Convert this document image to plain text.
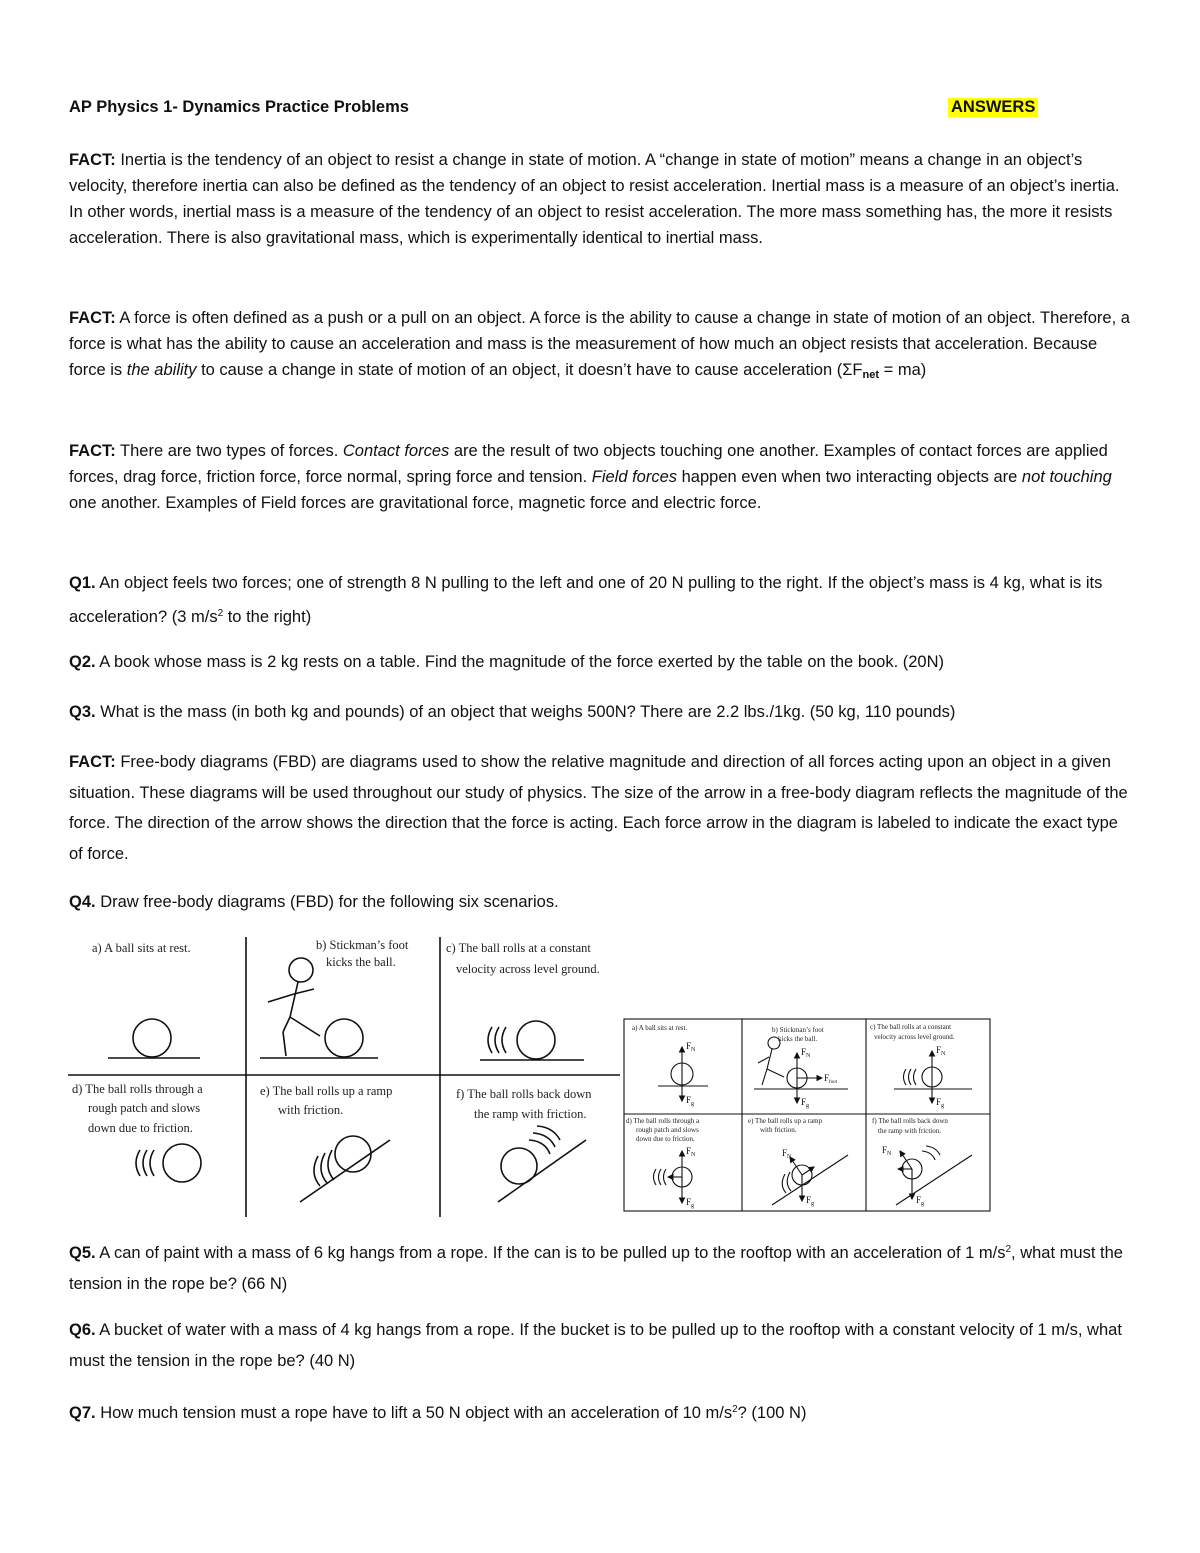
AP Physics 1- Dynamics Practice Problems	ANSWERS

FACT: Inertia is the tendency of an object to resist a change in state of motion. A “change in state of motion” means a change in an object’s velocity, therefore inertia can also be defined as the tendency of an object to resist acceleration. Inertial mass is a measure of an object’s inertia. In other words, inertial mass is a measure of the tendency of an object to resist acceleration. The more mass something has, the more it resists acceleration. There is also gravitational mass, which is experimentally identical to inertial mass.

FACT: A force is often defined as a push or a pull on an object. A force is the ability to cause a change in state of motion of an object. Therefore, a force is what has the ability to cause an acceleration and mass is the measurement of how much an object resists that acceleration. Because force is the ability to cause a change in state of motion of an object, it doesn’t have to cause acceleration $(\Sigma F_{net} = ma)$

FACT: There are two types of forces. Contact forces are the result of two objects touching one another. Examples of contact forces are applied forces, drag force, friction force, force normal, spring force and tension. Field forces happen even when two interacting objects are not touching one another. Examples of Field forces are gravitational force, magnetic force and electric force.

Q1. An object feels two forces; one of strength 8 N pulling to the left and one of 20 N pulling to the right. If the object’s mass is 4 kg, what is its acceleration? (3 $m/s^2$ to the right)

Q2. A book whose mass is 2 kg rests on a table. Find the magnitude of the force exerted by the table on the book. (20N)

Q3. What is the mass (in both kg and pounds) of an object that weighs 500N? There are 2.2 lbs./1kg. (50 kg, 110 pounds)

FACT: Free-body diagrams (FBD) are diagrams used to show the relative magnitude and direction of all forces acting upon an object in a given situation. These diagrams will be used throughout our study of physics. The size of the arrow in a free-body diagram reflects the magnitude of the force. The direction of the arrow shows the direction that the force is acting. Each force arrow in the diagram is labeled to indicate the exact type of force.

Q4. Draw free-body diagrams (FBD) for the following six scenarios.

a) A ball sits at rest.	b) Stickman’s foot
kicks the ball.
c) The ball rolls at a constant
velocity across level ground.
d) The ball rolls through a
rough patch and slows
down due to friction.
e) The ball rolls up a ramp
with friction.
f) The ball rolls back down
the ramp with friction.
a) A ball sits at rest.	b) Stickman’s foot
kicks the ball.
c) The ball rolls at a constant
velocity across level ground.
d) The ball rolls through a
rough patch and slows
down due to friction.
e) The ball rolls up a ramp
with friction.
f) The ball rolls back down
the ramp with friction.
$F_N$
$F_g$
$F_N$
$F_g$
$F_{foot}$
$F_N$
$F_g$
$F_N$
$F_g$
$F_N$
$F_g$
$F_N$
$F_g$

Q5. A can of paint with a mass of 6 kg hangs from a rope. If the can is to be pulled up to the rooftop with an acceleration of 1 $m/s^2$, what must the tension in the rope be? (66 N)

Q6. A bucket of water with a mass of 4 kg hangs from a rope. If the bucket is to be pulled up to the rooftop with a constant velocity of 1 m/s, what must the tension in the rope be? (40 N)

Q7. How much tension must a rope have to lift a 50 N object with an acceleration of 10 $m/s^2$? (100 N)
